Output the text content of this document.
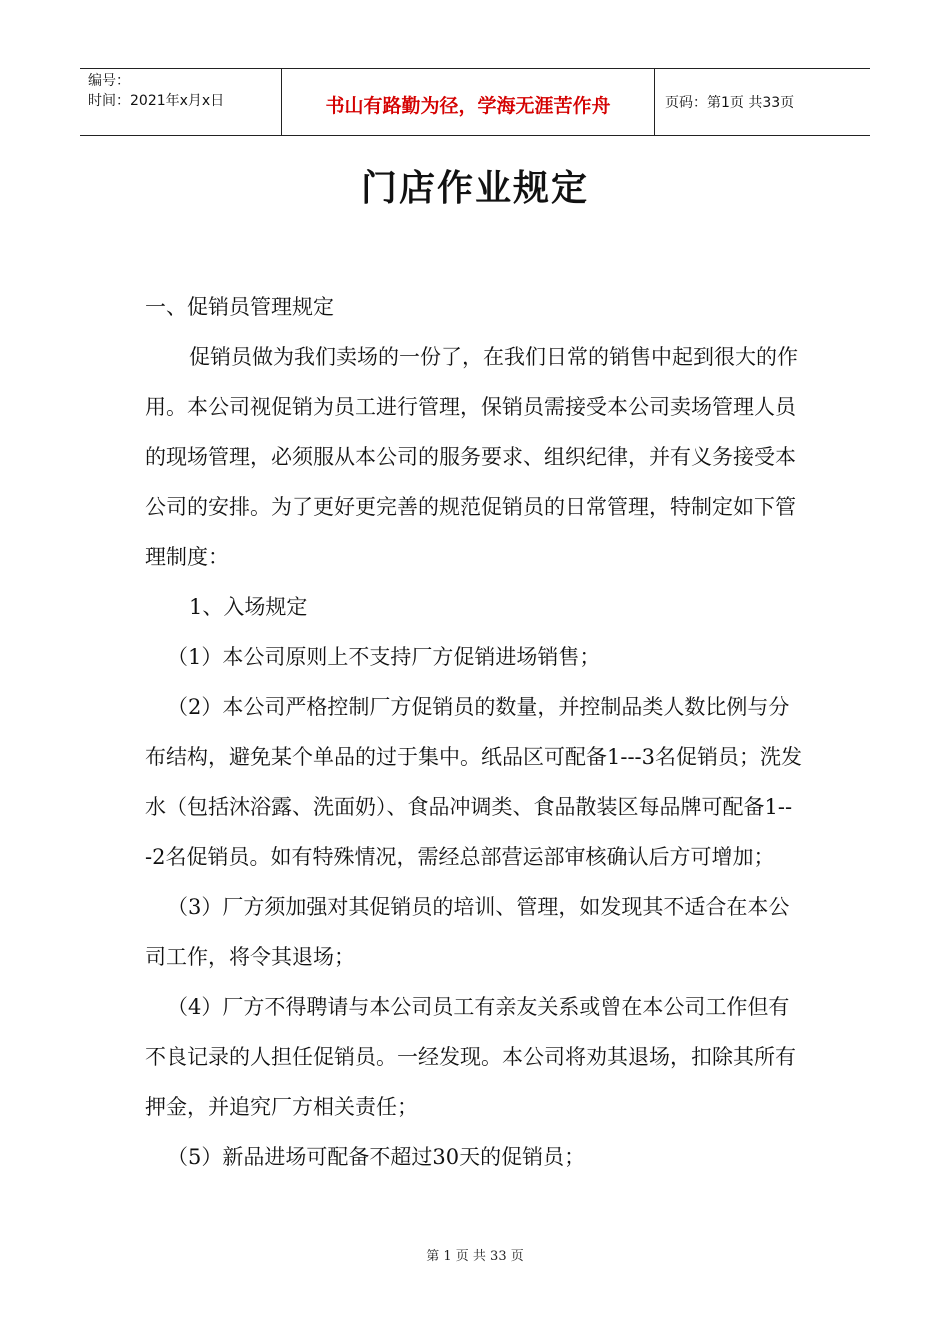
编号：
时间：2021年x月x日	书山有路勤为径，学海无涯苦作舟	页码：第1页 共33页
门店作业规定

一、促销员管理规定

促销员做为我们卖场的一份了，在我们日常的销售中起到很大的作用。本公司视促销为员工进行管理，保销员需接受本公司卖场管理人员的现场管理，必须服从本公司的服务要求、组织纪律，并有义务接受本公司的安排。为了更好更完善的规范促销员的日常管理，特制定如下管理制度：

1、入场规定

（1）本公司原则上不支持厂方促销进场销售；

（2）本公司严格控制厂方促销员的数量，并控制品类人数比例与分布结构，避免某个单品的过于集中。纸品区可配备1---3名促销员；洗发水（包括沐浴露、洗面奶）、食品冲调类、食品散装区每品牌可配备1---2名促销员。如有特殊情况，需经总部营运部审核确认后方可增加；

（3）厂方须加强对其促销员的培训、管理，如发现其不适合在本公司工作，将令其退场；

（4）厂方不得聘请与本公司员工有亲友关系或曾在本公司工作但有不良记录的人担任促销员。一经发现。本公司将劝其退场，扣除其所有押金，并追究厂方相关责任；

（5）新品进场可配备不超过30天的促销员；

第 1 页 共 33 页
